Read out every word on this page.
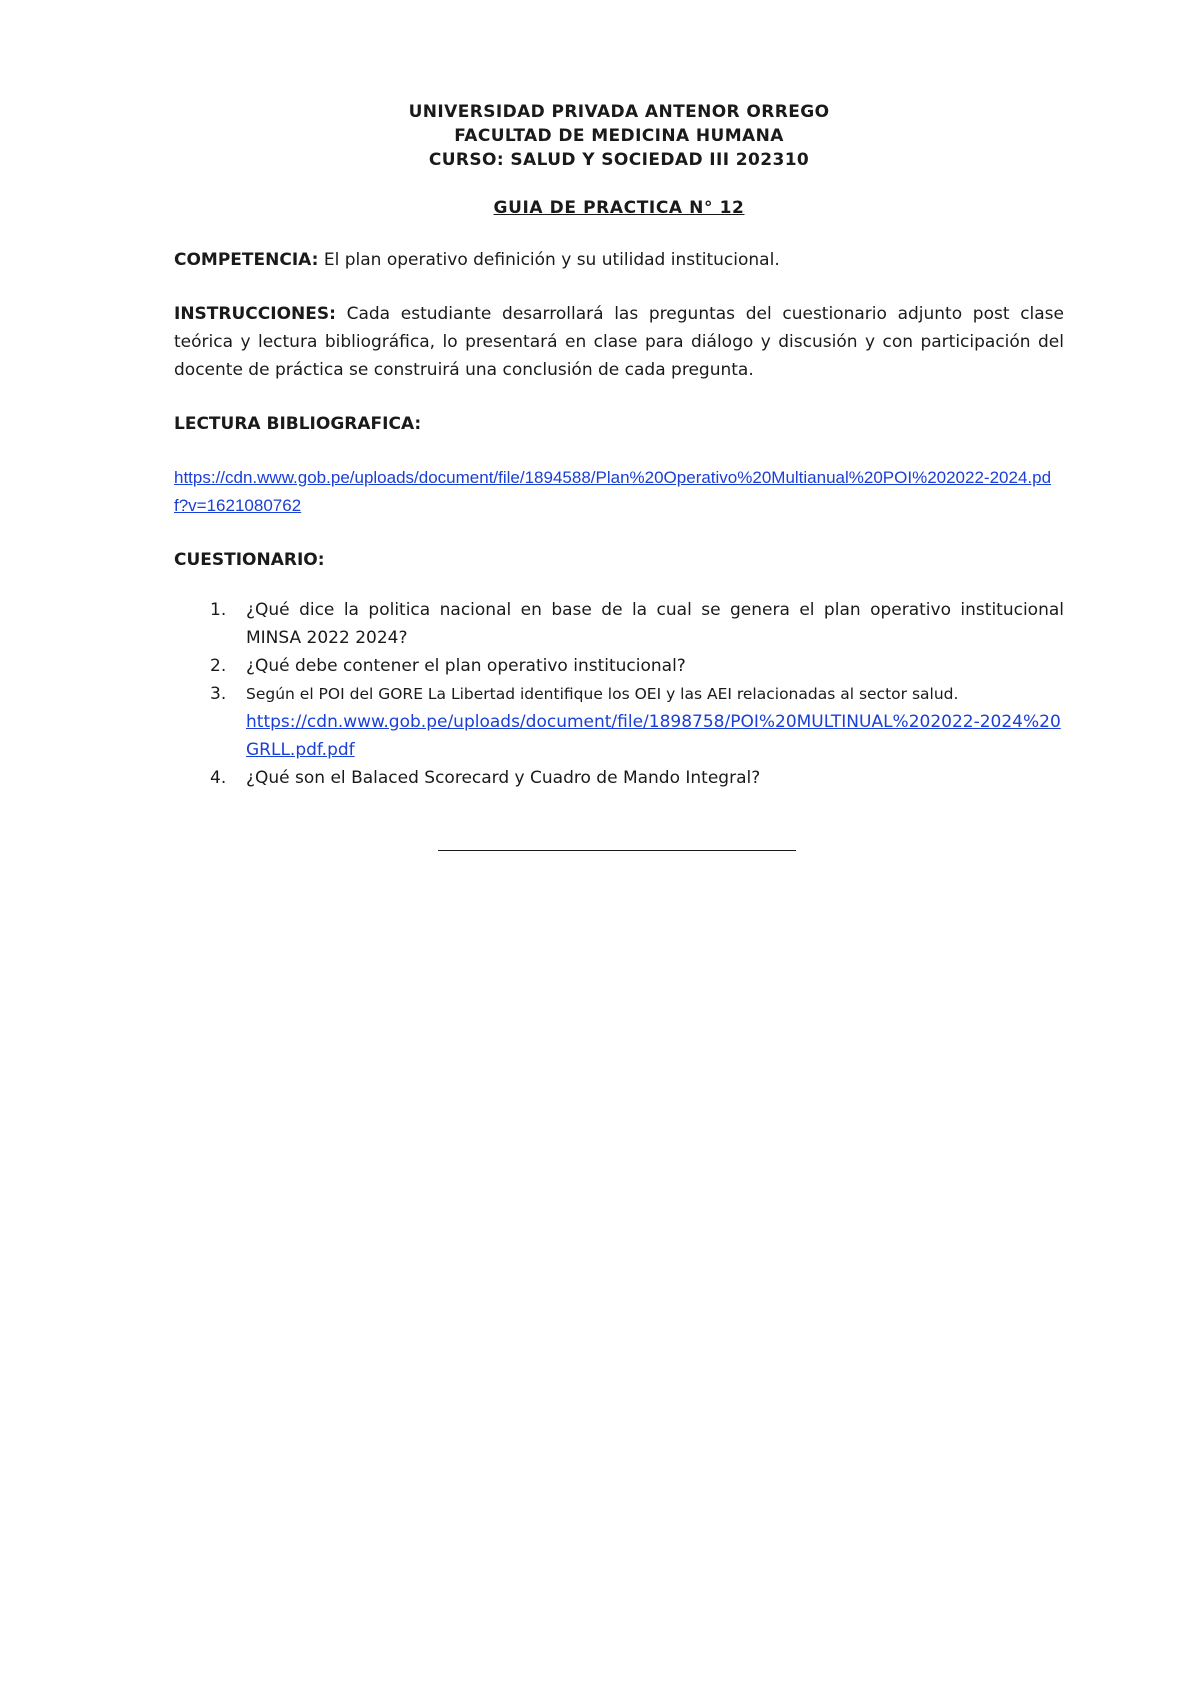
UNIVERSIDAD PRIVADA ANTENOR ORREGO
FACULTAD DE MEDICINA HUMANA
CURSO: SALUD Y SOCIEDAD III 202310
GUIA DE PRACTICA N° 12

COMPETENCIA: El plan operativo definición y su utilidad institucional.

INSTRUCCIONES: Cada estudiante desarrollará las preguntas del cuestionario adjunto post clase teórica y lectura bibliográfica, lo presentará en clase para diálogo y discusión y con participación del docente de práctica se construirá una conclusión de cada pregunta.

LECTURA BIBLIOGRAFICA:

https://cdn.www.gob.pe/uploads/document/file/1894588/Plan%20Operativo%20Multianual%20POI%202022-2024.pdf?v=1621080762

CUESTIONARIO:

1. ¿Qué dice la politica nacional en base de la cual se genera el plan operativo institucional MINSA 2022 2024?
2. ¿Qué debe contener el plan operativo institucional?
3. Según el POI del GORE La Libertad identifique los OEI y las AEI relacionadas al sector salud.
https://cdn.www.gob.pe/uploads/document/file/1898758/POI%20MULTINUAL%202022-2024%20GRLL.pdf.pdf
4. ¿Qué son el Balaced Scorecard y Cuadro de Mando Integral?
